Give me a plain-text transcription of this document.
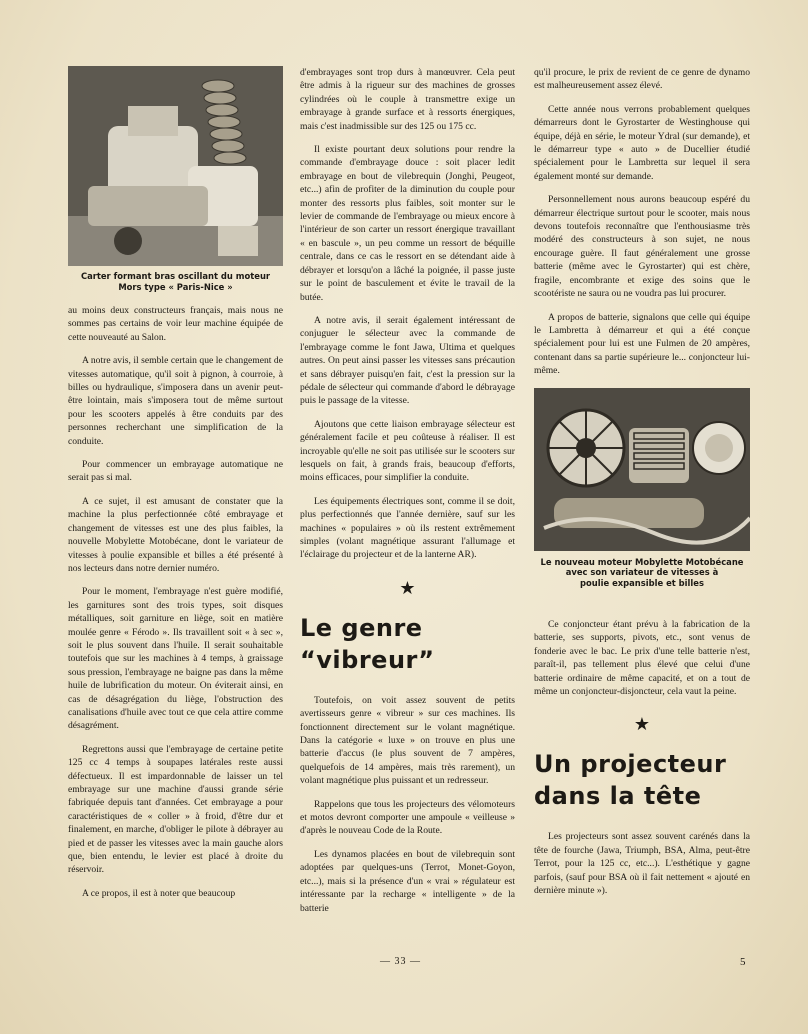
Carter formant bras oscillant du moteur
Mors type « Paris-Nice »

au moins deux constructeurs français, mais nous ne sommes pas certains de voir leur machine équipée de cette nouveauté au Salon.

A notre avis, il semble certain que le changement de vitesses automatique, qu'il soit à pignon, à courroie, à billes ou hydraulique, s'imposera dans un avenir peut-être lointain, mais s'imposera tout de même surtout pour les scooters appelés à être conduits par des personnes recherchant une simplification de la conduite.

Pour commencer un embrayage automatique ne serait pas si mal.

A ce sujet, il est amusant de constater que la machine la plus perfectionnée côté embrayage et changement de vitesses est une des plus faibles, la nouvelle Mobylette Motobécane, dont le variateur de vitesses à poulie expansible et billes a été présenté à nos lecteurs dans notre dernier numéro.

Pour le moment, l'embrayage n'est guère modifié, les garnitures sont des trois types, soit disques métalliques, soit garniture en liège, soit en matière moulée genre « Férodo ». Ils travaillent soit « à sec », soit le plus souvent dans l'huile. Il serait souhaitable toutefois que sur les machines à 4 temps, à graissage sous pression, l'embrayage ne baigne pas dans la même huile de lubrification du moteur. On éviterait ainsi, en cas de désagrégation du liège, l'obstruction des canalisations d'huile avec tout ce que cela attire comme désagrément.

Regrettons aussi que l'embrayage de certaine petite 125 cc 4 temps à soupapes latérales reste aussi défectueux. Il est impardonnable de laisser un tel embrayage sur une machine d'aussi grande série fabriquée depuis tant d'années. Cet embrayage a pour caractéristiques de « coller » à froid, d'être dur et finalement, en marche, d'obliger le pilote à débrayer au pied et de passer les vitesses avec la main gauche alors que, bien entendu, le levier est placé à droite du réservoir.

A ce propos, il est à noter que beaucoup

d'embrayages sont trop durs à manœuvrer. Cela peut être admis à la rigueur sur des machines de grosses cylindrées où le couple à transmettre exige un embrayage à grande surface et à ressorts énergiques, mais c'est inadmissible sur des 125 ou 175 cc.

Il existe pourtant deux solutions pour rendre la commande d'embrayage douce : soit placer ledit embrayage en bout de vilebrequin (Jonghi, Peugeot, etc...) afin de profiter de la diminution du couple pour monter des ressorts plus faibles, soit monter sur le levier de commande de l'embrayage ou mieux encore à l'intérieur de son carter un ressort énergique travaillant « en bascule », un peu comme un ressort de béquille centrale, dans ce cas le ressort en se détendant aide à débrayer et lorsqu'on a lâché la poignée, il passe juste sur le point de basculement et évite le travail de la butée.

A notre avis, il serait également intéressant de conjuguer le sélecteur avec la commande de l'embrayage comme le font Jawa, Ultima et quelques autres. On peut ainsi passer les vitesses sans précaution et sans débrayer puisqu'en fait, c'est la pression sur la pédale de sélecteur qui commande d'abord le débrayage puis le passage de la vitesse.

Ajoutons que cette liaison embrayage sélecteur est généralement facile et peu coûteuse à réaliser. Il est incroyable qu'elle ne soit pas utilisée sur le scooters sur lesquels on fait, à grands frais, beaucoup d'efforts, moins efficaces, pour simplifier la conduite.

Les équipements électriques sont, comme il se doit, plus perfectionnés que l'année dernière, sauf sur les machines « populaires » où ils restent extrêmement simples (volant magnétique assurant l'allumage et l'éclairage du projecteur et de la lanterne AR).

★
Le genre
“vibreur”

Toutefois, on voit assez souvent de petits avertisseurs genre « vibreur » sur ces machines. Ils fonctionnent directement sur le volant magnétique. Dans la catégorie « luxe » on trouve en plus une batterie d'accus (le plus souvent de 7 ampères, quelquefois de 14 ampères, mais très rarement), un volant magnétique plus puissant et un redresseur.

Rappelons que tous les projecteurs des vélomoteurs et motos devront comporter une ampoule « veilleuse » d'après le nouveau Code de la Route.

Les dynamos placées en bout de vilebrequin sont adoptées par quelques-uns (Terrot, Monet-Goyon, etc...), mais si la présence d'un « vrai » régulateur est intéressante par la recharge « intelligente » de la batterie

qu'il procure, le prix de revient de ce genre de dynamo est malheureusement assez élevé.

Cette année nous verrons probablement quelques démarreurs dont le Gyrostarter de Westinghouse qui équipe, déjà en série, le moteur Ydral (sur demande), et le démarreur type « auto » de Ducellier étudié spécialement pour le Lambretta sur lequel il sera également monté sur demande.

Personnellement nous aurons beaucoup espéré du démarreur électrique surtout pour le scooter, mais nous devons toutefois reconnaître que l'enthousiasme très modéré des constructeurs à son sujet, ne nous encourage guère. Il faut généralement une grosse batterie (même avec le Gyrostarter) qui est chère, fragile, encombrante et exige des soins que le scootériste ne saura ou ne voudra pas lui procurer.

A propos de batterie, signalons que celle qui équipe le Lambretta à démarreur et qui a été conçue spécialement pour lui est une Fulmen de 20 ampères, contenant dans sa partie supérieure le... conjoncteur lui-même.

Le nouveau moteur Mobylette Motobécane avec son variateur de vitesses à
poulie expansible et billes

Ce conjoncteur étant prévu à la fabrication de la batterie, ses supports, pivots, etc., sont venus de fonderie avec le bac. Le prix d'une telle batterie n'est, paraît-il, pas tellement plus élevé que celui d'une batterie ordinaire de même capacité, et on a tout de même un conjoncteur-disjoncteur, cela vaut la peine.

★
Un projecteur
dans la tête

Les projecteurs sont assez souvent carénés dans la tête de fourche (Jawa, Triumph, BSA, Alma, peut-être Terrot, pour la 125 cc, etc...). L'esthétique y gagne parfois, (sauf pour BSA où il fait nettement « ajouté en dernière minute »).

— 33 —	5
